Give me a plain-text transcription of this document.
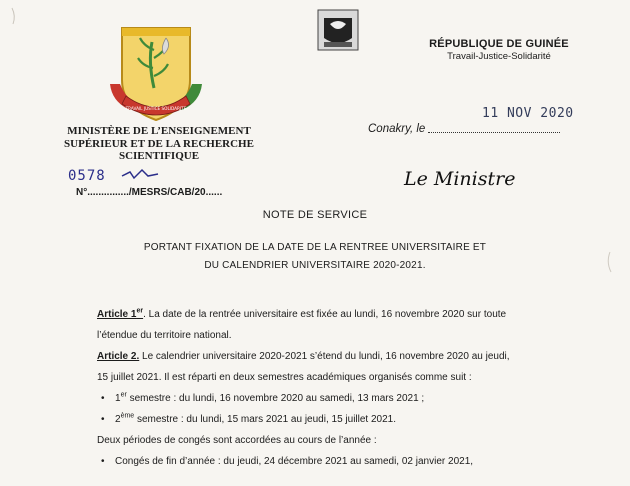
TRAVAIL JUSTICE SOLIDARITE
RÉPUBLIQUE DE GUINÉE
Travail-Justice-Solidarité
MINISTÈRE DE L’ENSEIGNEMENT
SUPÉRIEUR ET DE LA RECHERCHE
SCIENTIFIQUE
0578
N°.............../MESRS/CAB/20......
Conakry, le
11 NOV 2020
Le Ministre
NOTE DE SERVICE
PORTANT FIXATION DE LA DATE DE LA RENTREE UNIVERSITAIRE ET
DU CALENDRIER UNIVERSITAIRE 2020-2021.
Article 1er. La date de la rentrée universitaire est fixée au lundi, 16 novembre 2020 sur toute
l’étendue du territoire national.
Article 2. Le calendrier universitaire 2020-2021 s’étend du lundi, 16 novembre 2020 au jeudi,
15 juillet 2021. Il est réparti en deux semestres académiques organisés comme suit :
• 1er semestre : du lundi, 16 novembre 2020 au samedi, 13 mars 2021 ;
• 2ème semestre : du lundi, 15 mars 2021 au jeudi, 15 juillet 2021.
Deux périodes de congés sont accordées au cours de l’année :
• Congés de fin d’année : du jeudi, 24 décembre 2021 au samedi, 02 janvier 2021,
